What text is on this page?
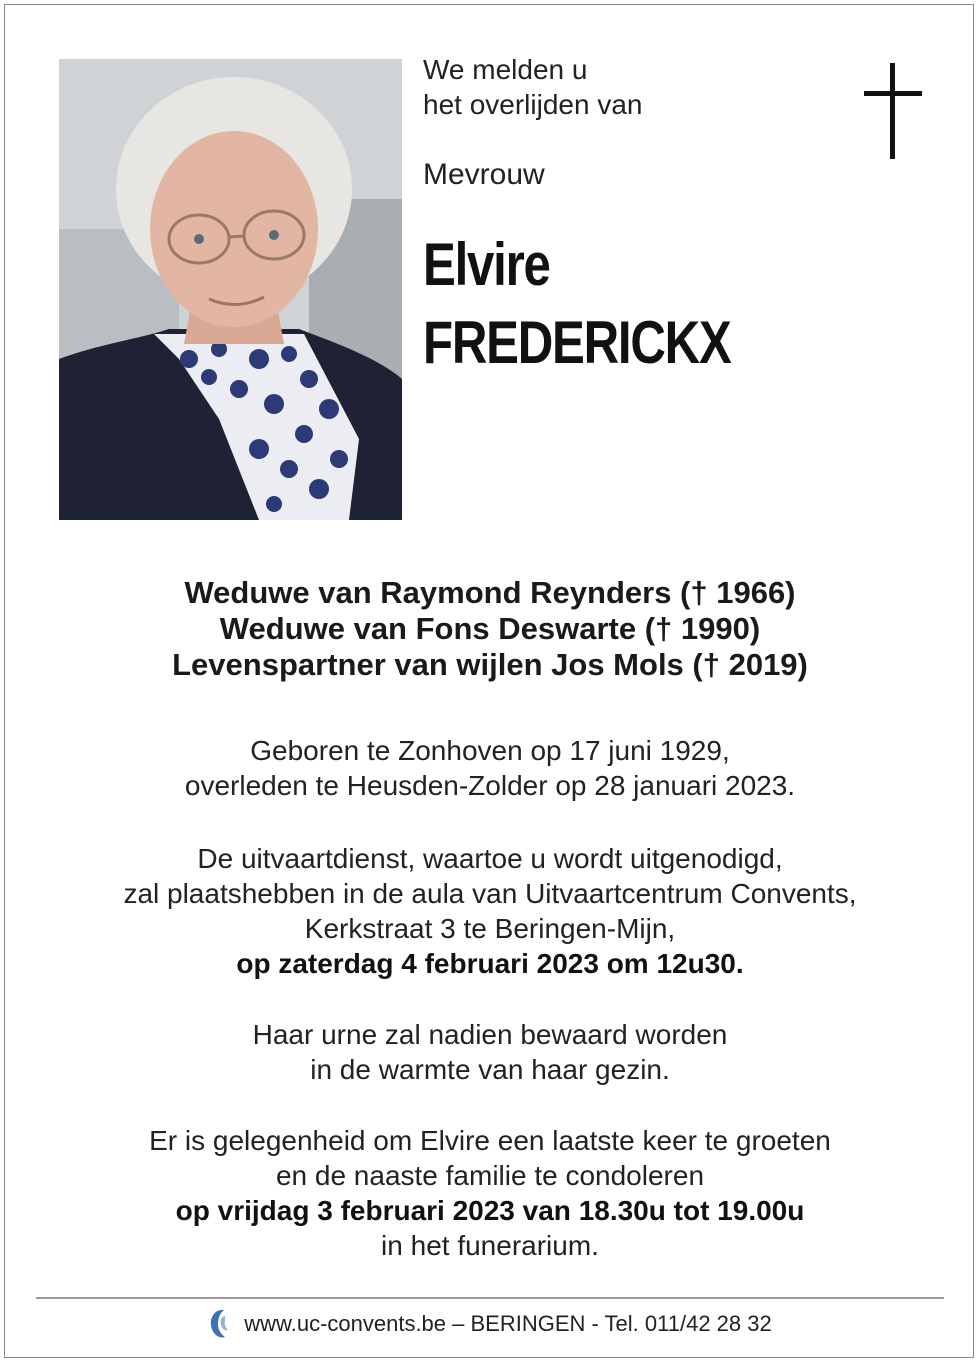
We melden u
het overlijden van
Mevrouw
Elvire
FREDERICKX
Weduwe van Raymond Reynders († 1966)
Weduwe van Fons Deswarte († 1990)
Levenspartner van wijlen Jos Mols († 2019)
Geboren te Zonhoven op 17 juni 1929,
overleden te Heusden-Zolder op 28 januari 2023.
De uitvaartdienst, waartoe u wordt uitgenodigd,
zal plaatshebben in de aula van Uitvaartcentrum Convents,
Kerkstraat 3 te Beringen-Mijn,
op zaterdag 4 februari 2023 om 12u30.
Haar urne zal nadien bewaard worden
in de warmte van haar gezin.
Er is gelegenheid om Elvire een laatste keer te groeten
en de naaste familie te condoleren
op vrijdag 3 februari 2023 van 18.30u tot 19.00u
in het funerarium.
www.uc-convents.be – BERINGEN - Tel. 011/42 28 32
